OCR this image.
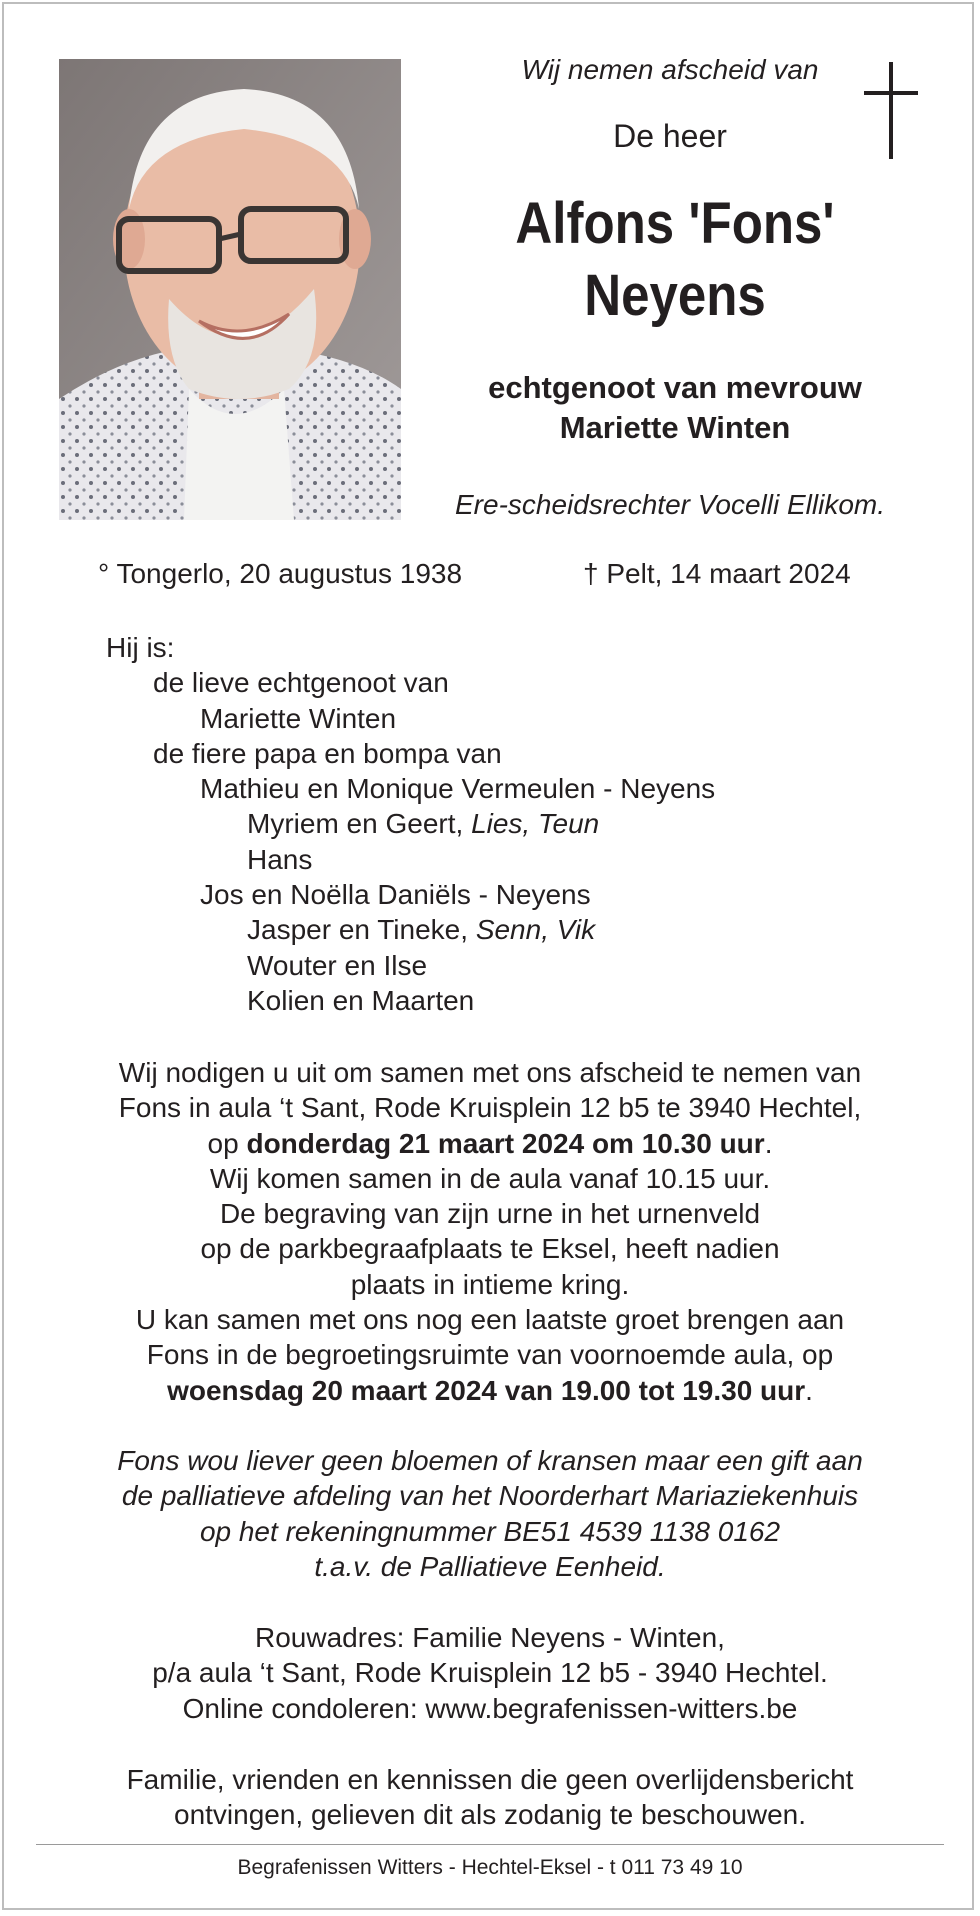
Wij nemen afscheid van
De heer
Alfons 'Fons'
Neyens
echtgenoot van mevrouw
Mariette Winten
Ere-scheidsrechter Vocelli Ellikom.
° Tongerlo, 20 augustus 1938	† Pelt, 14 maart 2024
Hij is:
de lieve echtgenoot van
Mariette Winten
de fiere papa en bompa van
Mathieu en Monique Vermeulen - Neyens
Myriem en Geert, Lies, Teun
Hans
Jos en Noëlla Daniëls - Neyens
Jasper en Tineke, Senn, Vik
Wouter en Ilse
Kolien en Maarten
Wij nodigen u uit om samen met ons afscheid te nemen van
Fons in aula ‘t Sant, Rode Kruisplein 12 b5 te 3940 Hechtel,
op donderdag 21 maart 2024 om 10.30 uur.
Wij komen samen in de aula vanaf 10.15 uur.
De begraving van zijn urne in het urnenveld
op de parkbegraafplaats te Eksel, heeft nadien
plaats in intieme kring.
U kan samen met ons nog een laatste groet brengen aan
Fons in de begroetingsruimte van voornoemde aula, op
woensdag 20 maart 2024 van 19.00 tot 19.30 uur.
Fons wou liever geen bloemen of kransen maar een gift aan
de palliatieve afdeling van het Noorderhart Mariaziekenhuis
op het rekeningnummer BE51 4539 1138 0162
t.a.v. de Palliatieve Eenheid.
Rouwadres: Familie Neyens - Winten,
p/a aula ‘t Sant, Rode Kruisplein 12 b5 - 3940 Hechtel.
Online condoleren: www.begrafenissen-witters.be
Familie, vrienden en kennissen die geen overlijdensbericht
ontvingen, gelieven dit als zodanig te beschouwen.
Begrafenissen Witters - Hechtel-Eksel - t 011 73 49 10
